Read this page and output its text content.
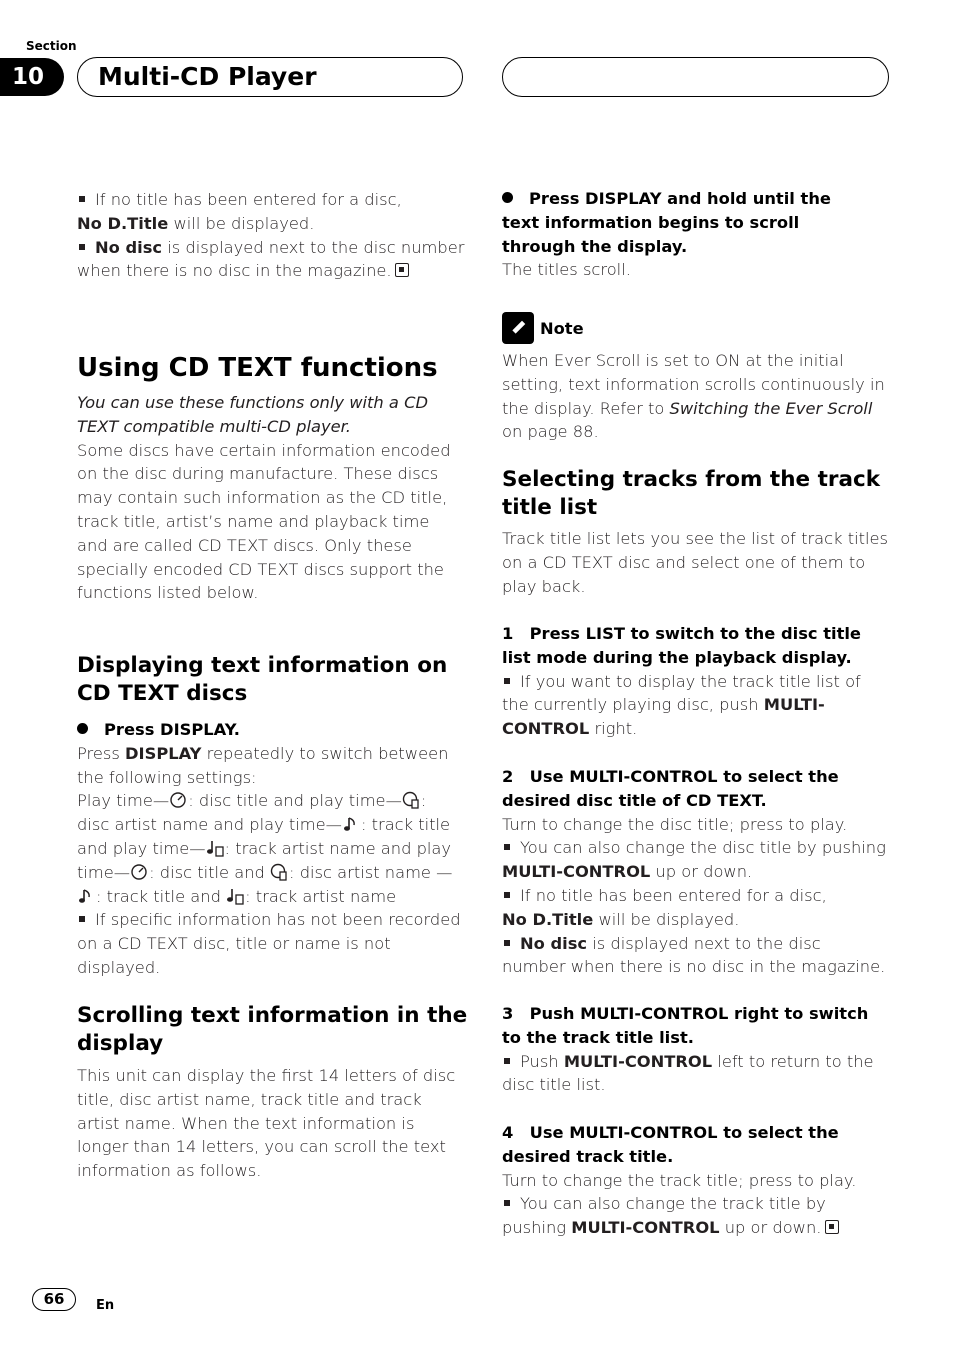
Section
10	Multi-CD Player

If no title has been entered for a disc,

No D.Title will be displayed.

No disc is displayed next to the disc number when there is no disc in the magazine.

Using CD TEXT functions

You can use these functions only with a CD TEXT compatible multi-CD player.

Some discs have certain information encoded on the disc during manufacture. These discs may contain such information as the CD title, track title, artist’s name and playback time and are called CD TEXT discs. Only these specially encoded CD TEXT discs support the functions listed below.

Displaying text information on CD TEXT discs

Press DISPLAY.

Press DISPLAY repeatedly to switch between the following settings:

Play time— : disc title and play time— : disc artist name and play time— : track title and play time— : track artist name and play time— : disc title and : disc artist name —: track title and : track artist name

If specific information has not been recorded on a CD TEXT disc, title or name is not displayed.

Scrolling text information in the display

This unit can display the first 14 letters of disc title, disc artist name, track title and track artist name. When the text information is longer than 14 letters, you can scroll the text information as follows.

Press DISPLAY and hold until the text information begins to scroll through the display.

The titles scroll.

Note

When Ever Scroll is set to ON at the initial setting, text information scrolls continuously in the display. Refer to Switching the Ever Scroll on page 88.

Selecting tracks from the track title list

Track title list lets you see the list of track titles on a CD TEXT disc and select one of them to play back.

1 Press LIST to switch to the disc title list mode during the playback display.

If you want to display the track title list of the currently playing disc, push MULTI-CONTROL right.

2 Use MULTI-CONTROL to select the desired disc title of CD TEXT.

Turn to change the disc title; press to play.

You can also change the disc title by pushing MULTI-CONTROL up or down.

If no title has been entered for a disc,

No D.Title will be displayed.

No disc is displayed next to the disc number when there is no disc in the magazine.

3 Push MULTI-CONTROL right to switch to the track title list.

Push MULTI-CONTROL left to return to the disc title list.

4 Use MULTI-CONTROL to select the desired track title.

Turn to change the track title; press to play.

You can also change the track title by pushing MULTI-CONTROL up or down.

66	En
